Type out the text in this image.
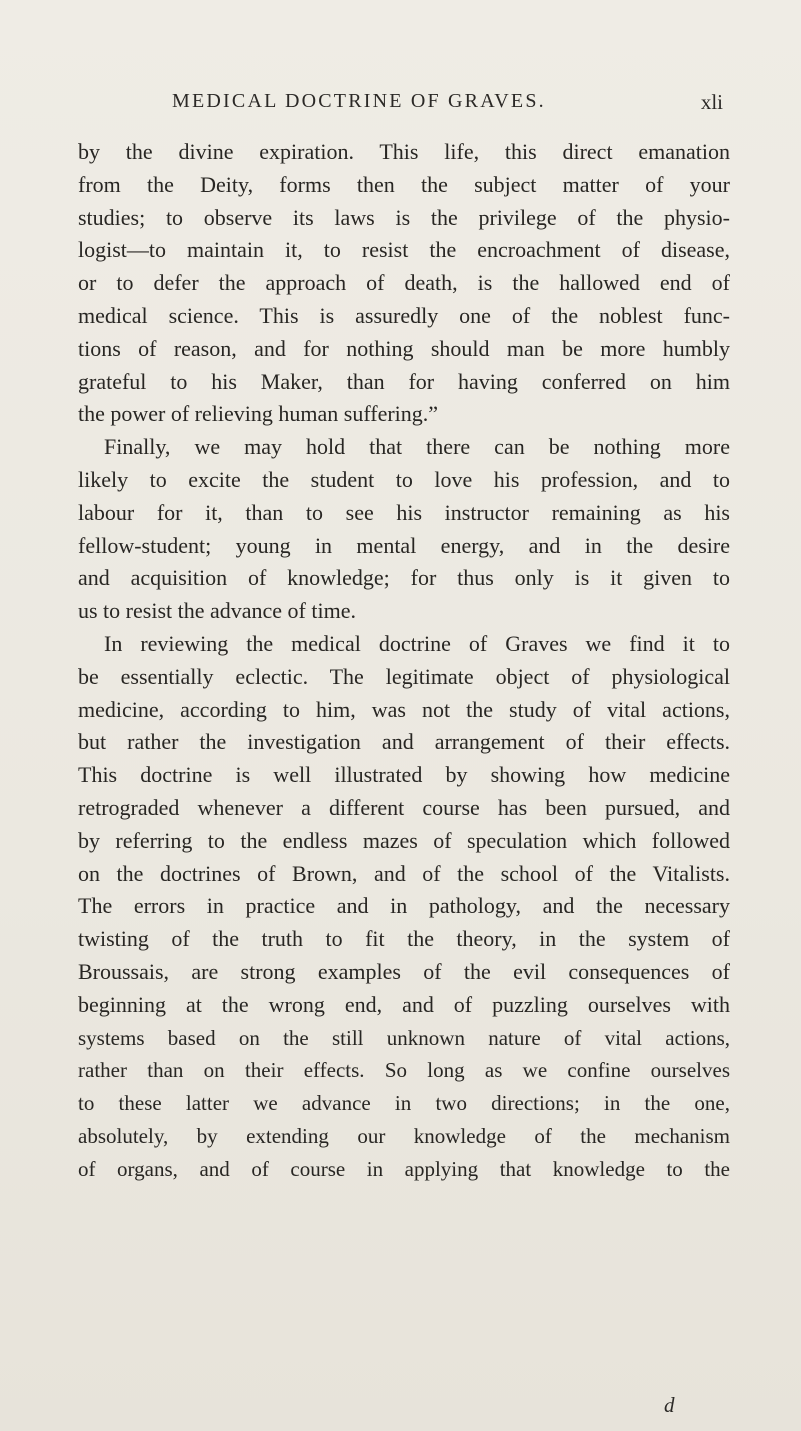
MEDICAL DOCTRINE OF GRAVES.	xli
by the divine expiration. This life, this direct emanation
from the Deity, forms then the subject matter of your
studies; to observe its laws is the privilege of the physio-
logist—to maintain it, to resist the encroachment of disease,
or to defer the approach of death, is the hallowed end of
medical science. This is assuredly one of the noblest func-
tions of reason, and for nothing should man be more humbly
grateful to his Maker, than for having conferred on him
the power of relieving human suffering.”
Finally, we may hold that there can be nothing more
likely to excite the student to love his profession, and to
labour for it, than to see his instructor remaining as his
fellow-student; young in mental energy, and in the desire
and acquisition of knowledge; for thus only is it given to
us to resist the advance of time.
In reviewing the medical doctrine of Graves we find it to
be essentially eclectic. The legitimate object of physiological
medicine, according to him, was not the study of vital actions,
but rather the investigation and arrangement of their effects.
This doctrine is well illustrated by showing how medicine
retrograded whenever a different course has been pursued, and
by referring to the endless mazes of speculation which followed
on the doctrines of Brown, and of the school of the Vitalists.
The errors in practice and in pathology, and the necessary
twisting of the truth to fit the theory, in the system of
Broussais, are strong examples of the evil consequences of
beginning at the wrong end, and of puzzling ourselves with
systems based on the still unknown nature of vital actions,
rather than on their effects. So long as we confine ourselves
to these latter we advance in two directions; in the one,
absolutely, by extending our knowledge of the mechanism
of organs, and of course in applying that knowledge to the
d
